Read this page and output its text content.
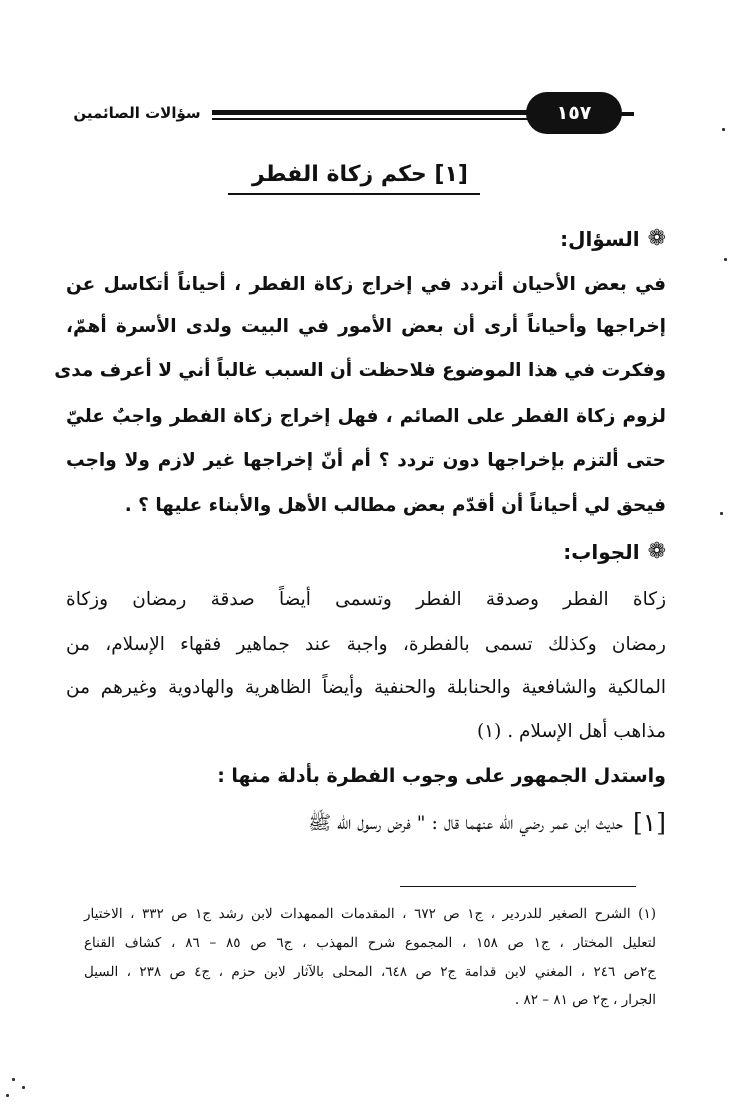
سؤالات الصائمين	١٥٧
[١] حكم زكاة الفطر
❁
السؤال:
في بعض الأحيان أتردد في إخراج زكاة الفطر ، أحياناً أتكاسل عن
إخراجها وأحياناً أرى أن بعض الأمور في البيت ولدى الأسرة أهمّ،
وفكرت في هذا الموضوع فلاحظت أن السبب غالباً أني لا أعرف مدى
لزوم زكاة الفطر على الصائم ، فهل إخراج زكاة الفطر واجبٌ عليّ
حتى ألتزم بإخراجها دون تردد ؟ أم أنّ إخراجها غير لازم ولا واجب
فيحق لي أحياناً أن أقدّم بعض مطالب الأهل والأبناء عليها ؟ .
❁
الجواب:
زكاة الفطر وصدقة الفطر وتسمى أيضاً صدقة رمضان وزكاة
رمضان وكذلك تسمى بالفطرة، واجبة عند جماهير فقهاء الإسلام، من
المالكية والشافعية والحنابلة والحنفية وأيضاً الظاهرية والهادوية وغيرهم من
مذاهب أهل الإسلام . (١)
واستدل الجمهور على وجوب الفطرة بأدلة منها :
[١]
حديث ابن عمر رضي الله عنهما قال : " فرض رسول الله ﷺ
(١) الشرح الصغير للدردير ، ج١ ص ٦٧٢ ، المقدمات الممهدات لابن رشد ج١ ص ٣٣٢ ، الاختيار
لتعليل المختار ، ج١ ص ١٥٨ ، المجموع شرح المهذب ، ج٦ ص ٨٥ – ٨٦ ، كشاف القناع
ج٢ص ٢٤٦ ، المغني لابن قدامة ج٢ ص ٦٤٨، المحلى بالآثار لابن حزم ، ج٤ ص ٢٣٨ ، السيل
الجرار ، ج٢ ص ٨١ – ٨٢ .
